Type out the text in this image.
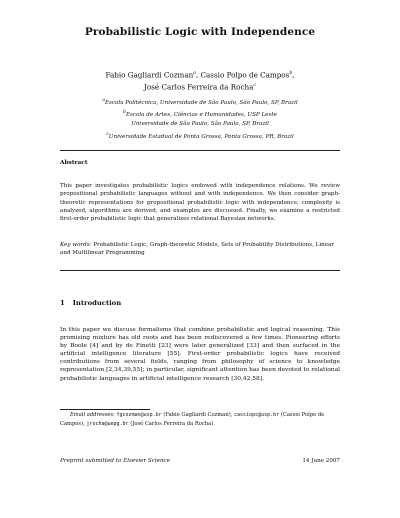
Probabilistic Logic with Independence
Fabio Gagliardi Cozman$^a$, Cassio Polpo de Campos$^b$,
José Carlos Ferreira da Rocha$^c$
$^a$Escola Politécnica, Universidade de São Paulo, São Paulo, SP, Brazil
$^b$Escola de Artes, Ciências e Humanidades, USP Leste
Universidade de São Paulo, São Paulo, SP, Brazil
$^c$Universidade Estadual de Ponta Grossa, Ponta Grossa, PR, Brazil
Abstract
This paper investigates probabilistic logics endowed with independence relations. We review propositional probabilistic languages without and with independence. We then consider graph-theoretic representations for propositional probabilistic logic with independence; complexity is analyzed, algorithms are derived, and examples are discussed. Finally, we examine a restricted first-order probabilistic logic that generalizes relational Bayesian networks.
Key words: Probabilistic Logic, Graph-theoretic Models, Sets of Probability Distributions, Linear and Multilinear Programming
1 Introduction
In this paper we discuss formalisms that combine probabilistic and logical reasoning. This promising mixture has old roots and has been rediscovered a few times. Pioneering efforts by Boole [4] and by de Finetti [23] were later generalized [33] and then surfaced in the artificial intelligence literature [55]. First-order probabilistic logics have received contributions from several fields, ranging from philosophy of science to knowledge representation [2,34,39,55]; in particular, significant attention has been devoted to relational probabilistic languages in artificial intelligence research [30,42,58].
Email addresses: fgcozman@usp.br (Fabio Gagliardi Cozman), cassiopc@usp.br (Cassio Polpo de Campos), jrocha@uepg.br (José Carlos Ferreira da Rocha).
Preprint submitted to Elsevier Science	14 June 2007
